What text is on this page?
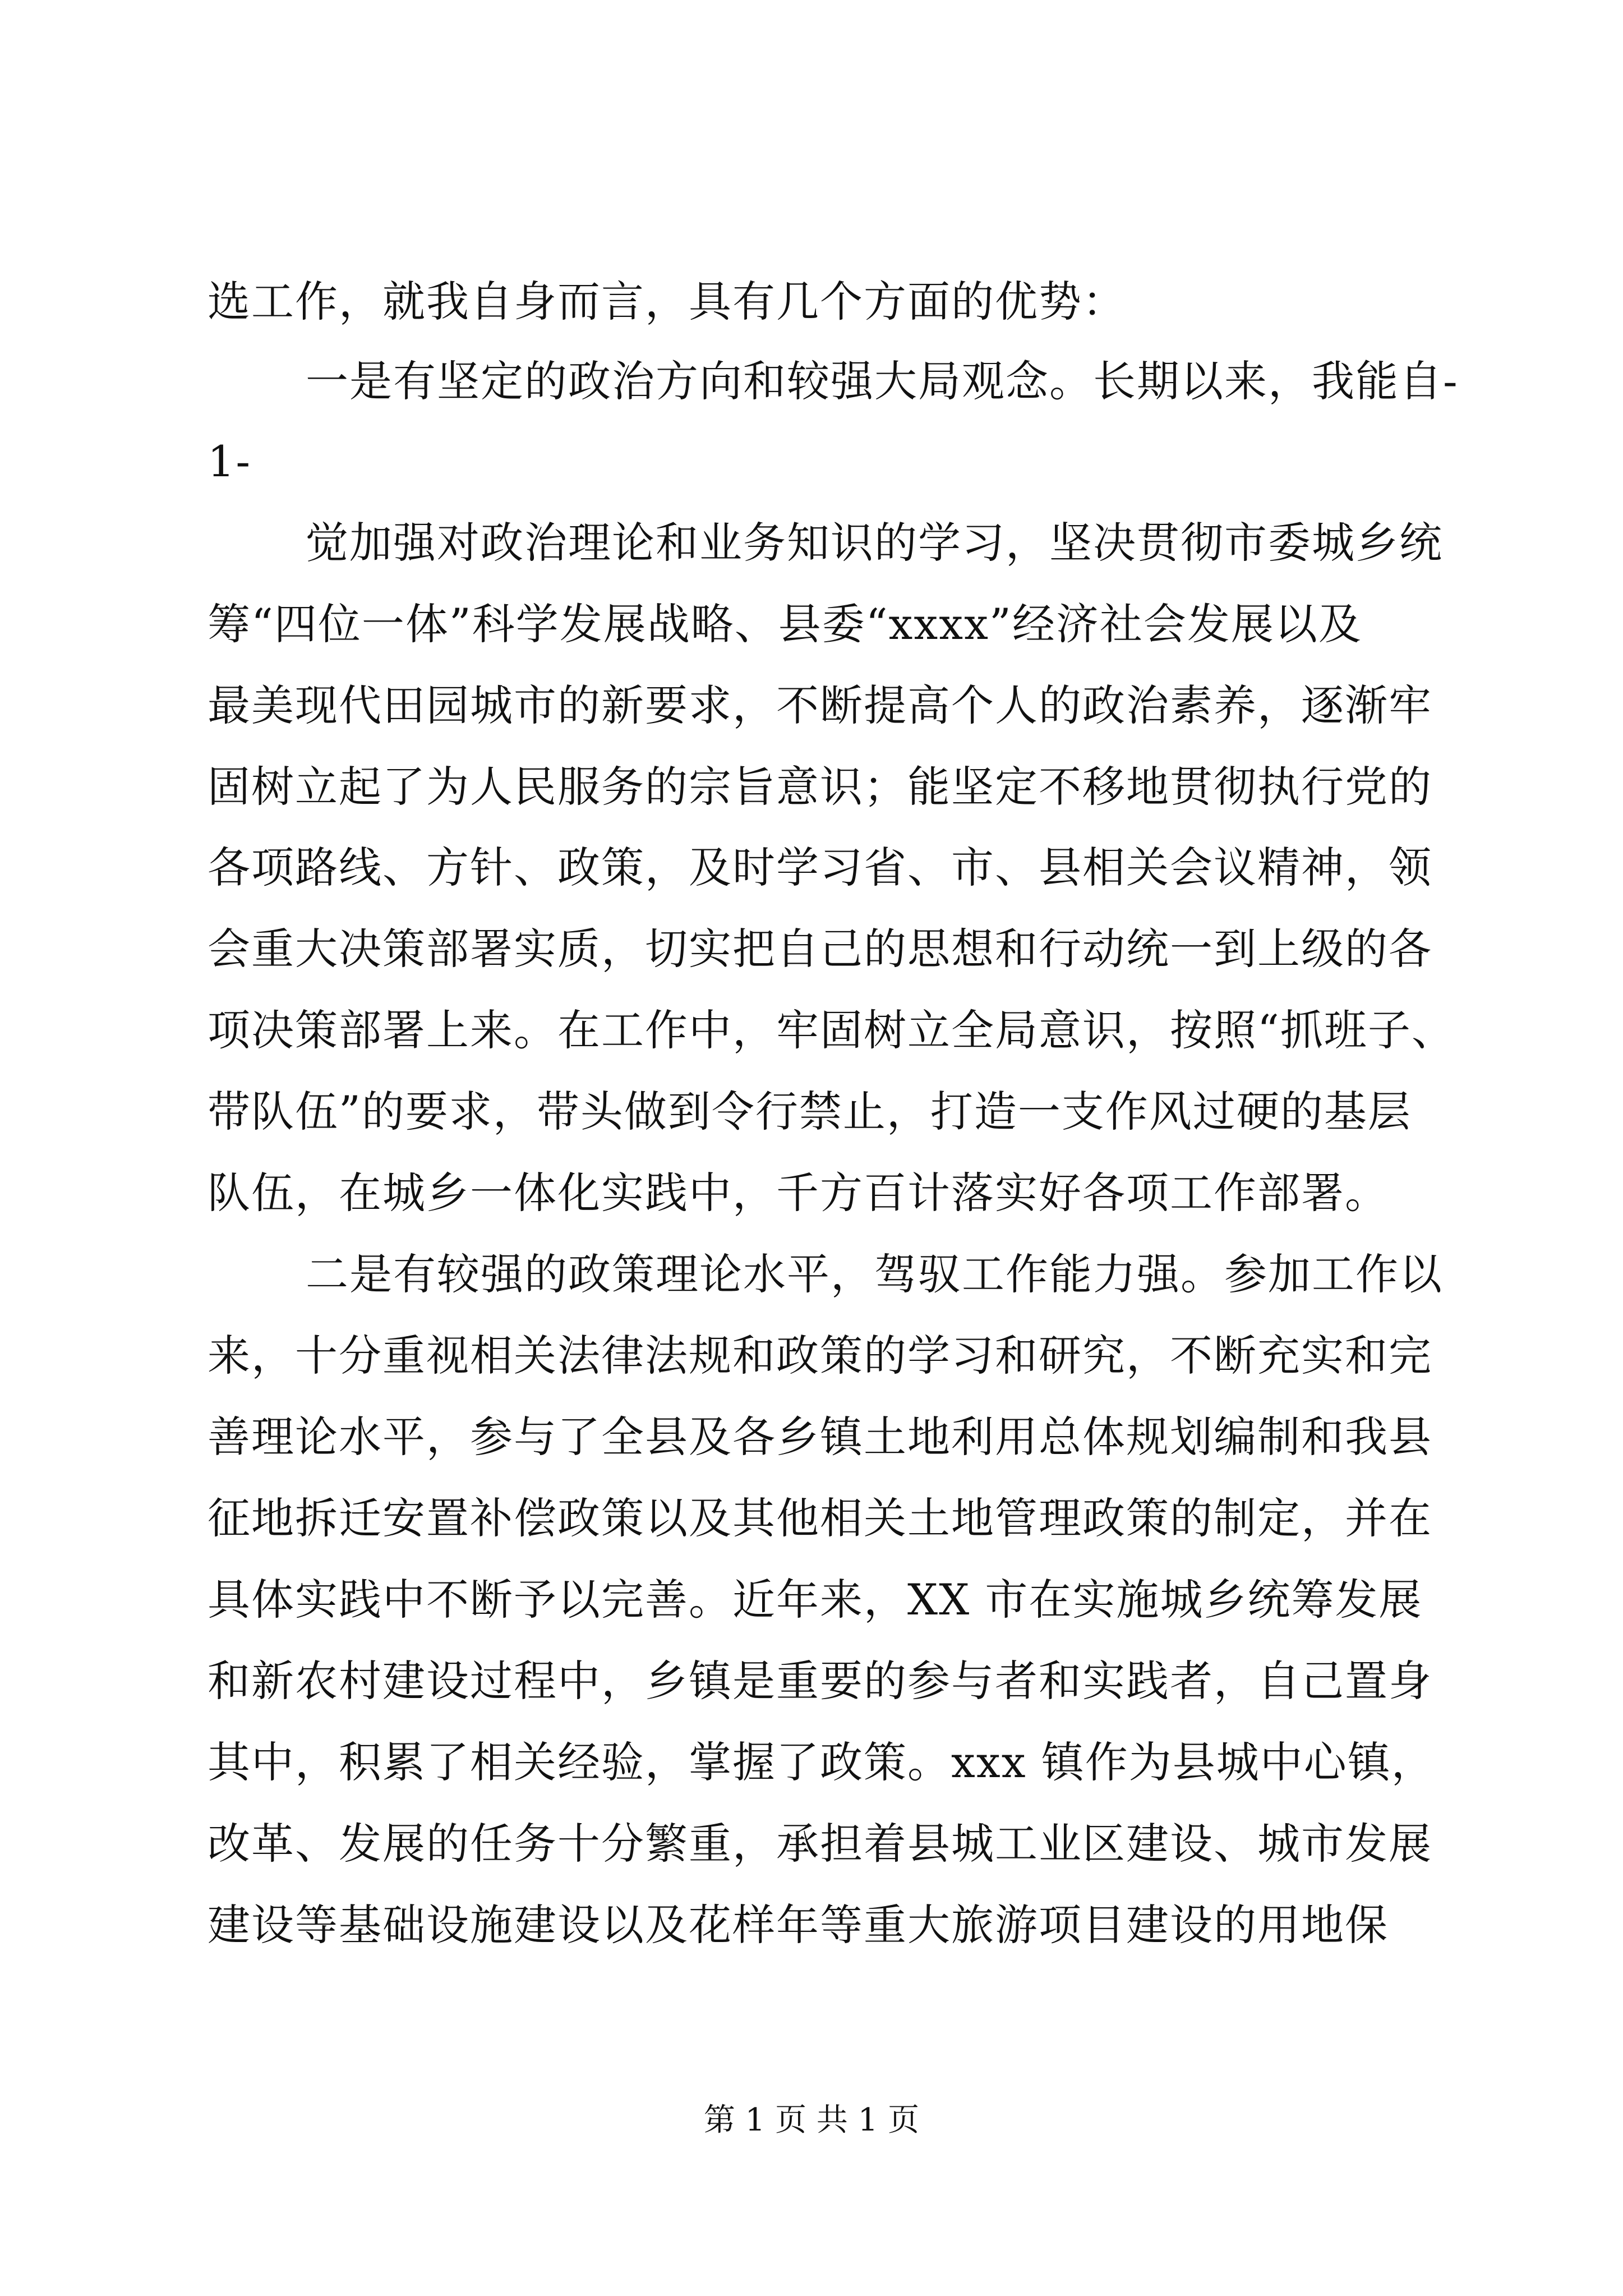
选工作，就我自身而言，具有几个方面的优势：
一是有坚定的政治方向和较强大局观念。长期以来，我能自-
1-
觉加强对政治理论和业务知识的学习，坚决贯彻市委城乡统
筹“四位一体”科学发展战略、县委“xxxx”经济社会发展以及
最美现代田园城市的新要求，不断提高个人的政治素养，逐渐牢
固树立起了为人民服务的宗旨意识；能坚定不移地贯彻执行党的
各项路线、方针、政策，及时学习省、市、县相关会议精神，领
会重大决策部署实质，切实把自己的思想和行动统一到上级的各
项决策部署上来。在工作中，牢固树立全局意识，按照“抓班子、
带队伍”的要求，带头做到令行禁止，打造一支作风过硬的基层
队伍，在城乡一体化实践中，千方百计落实好各项工作部署。
二是有较强的政策理论水平，驾驭工作能力强。参加工作以
来，十分重视相关法律法规和政策的学习和研究，不断充实和完
善理论水平，参与了全县及各乡镇土地利用总体规划编制和我县
征地拆迁安置补偿政策以及其他相关土地管理政策的制定，并在
具体实践中不断予以完善。近年来，XX 市在实施城乡统筹发展
和新农村建设过程中，乡镇是重要的参与者和实践者，自己置身
其中，积累了相关经验，掌握了政策。xxx 镇作为县城中心镇，
改革、发展的任务十分繁重，承担着县城工业区建设、城市发展
建设等基础设施建设以及花样年等重大旅游项目建设的用地保
第 1 页 共 1 页
